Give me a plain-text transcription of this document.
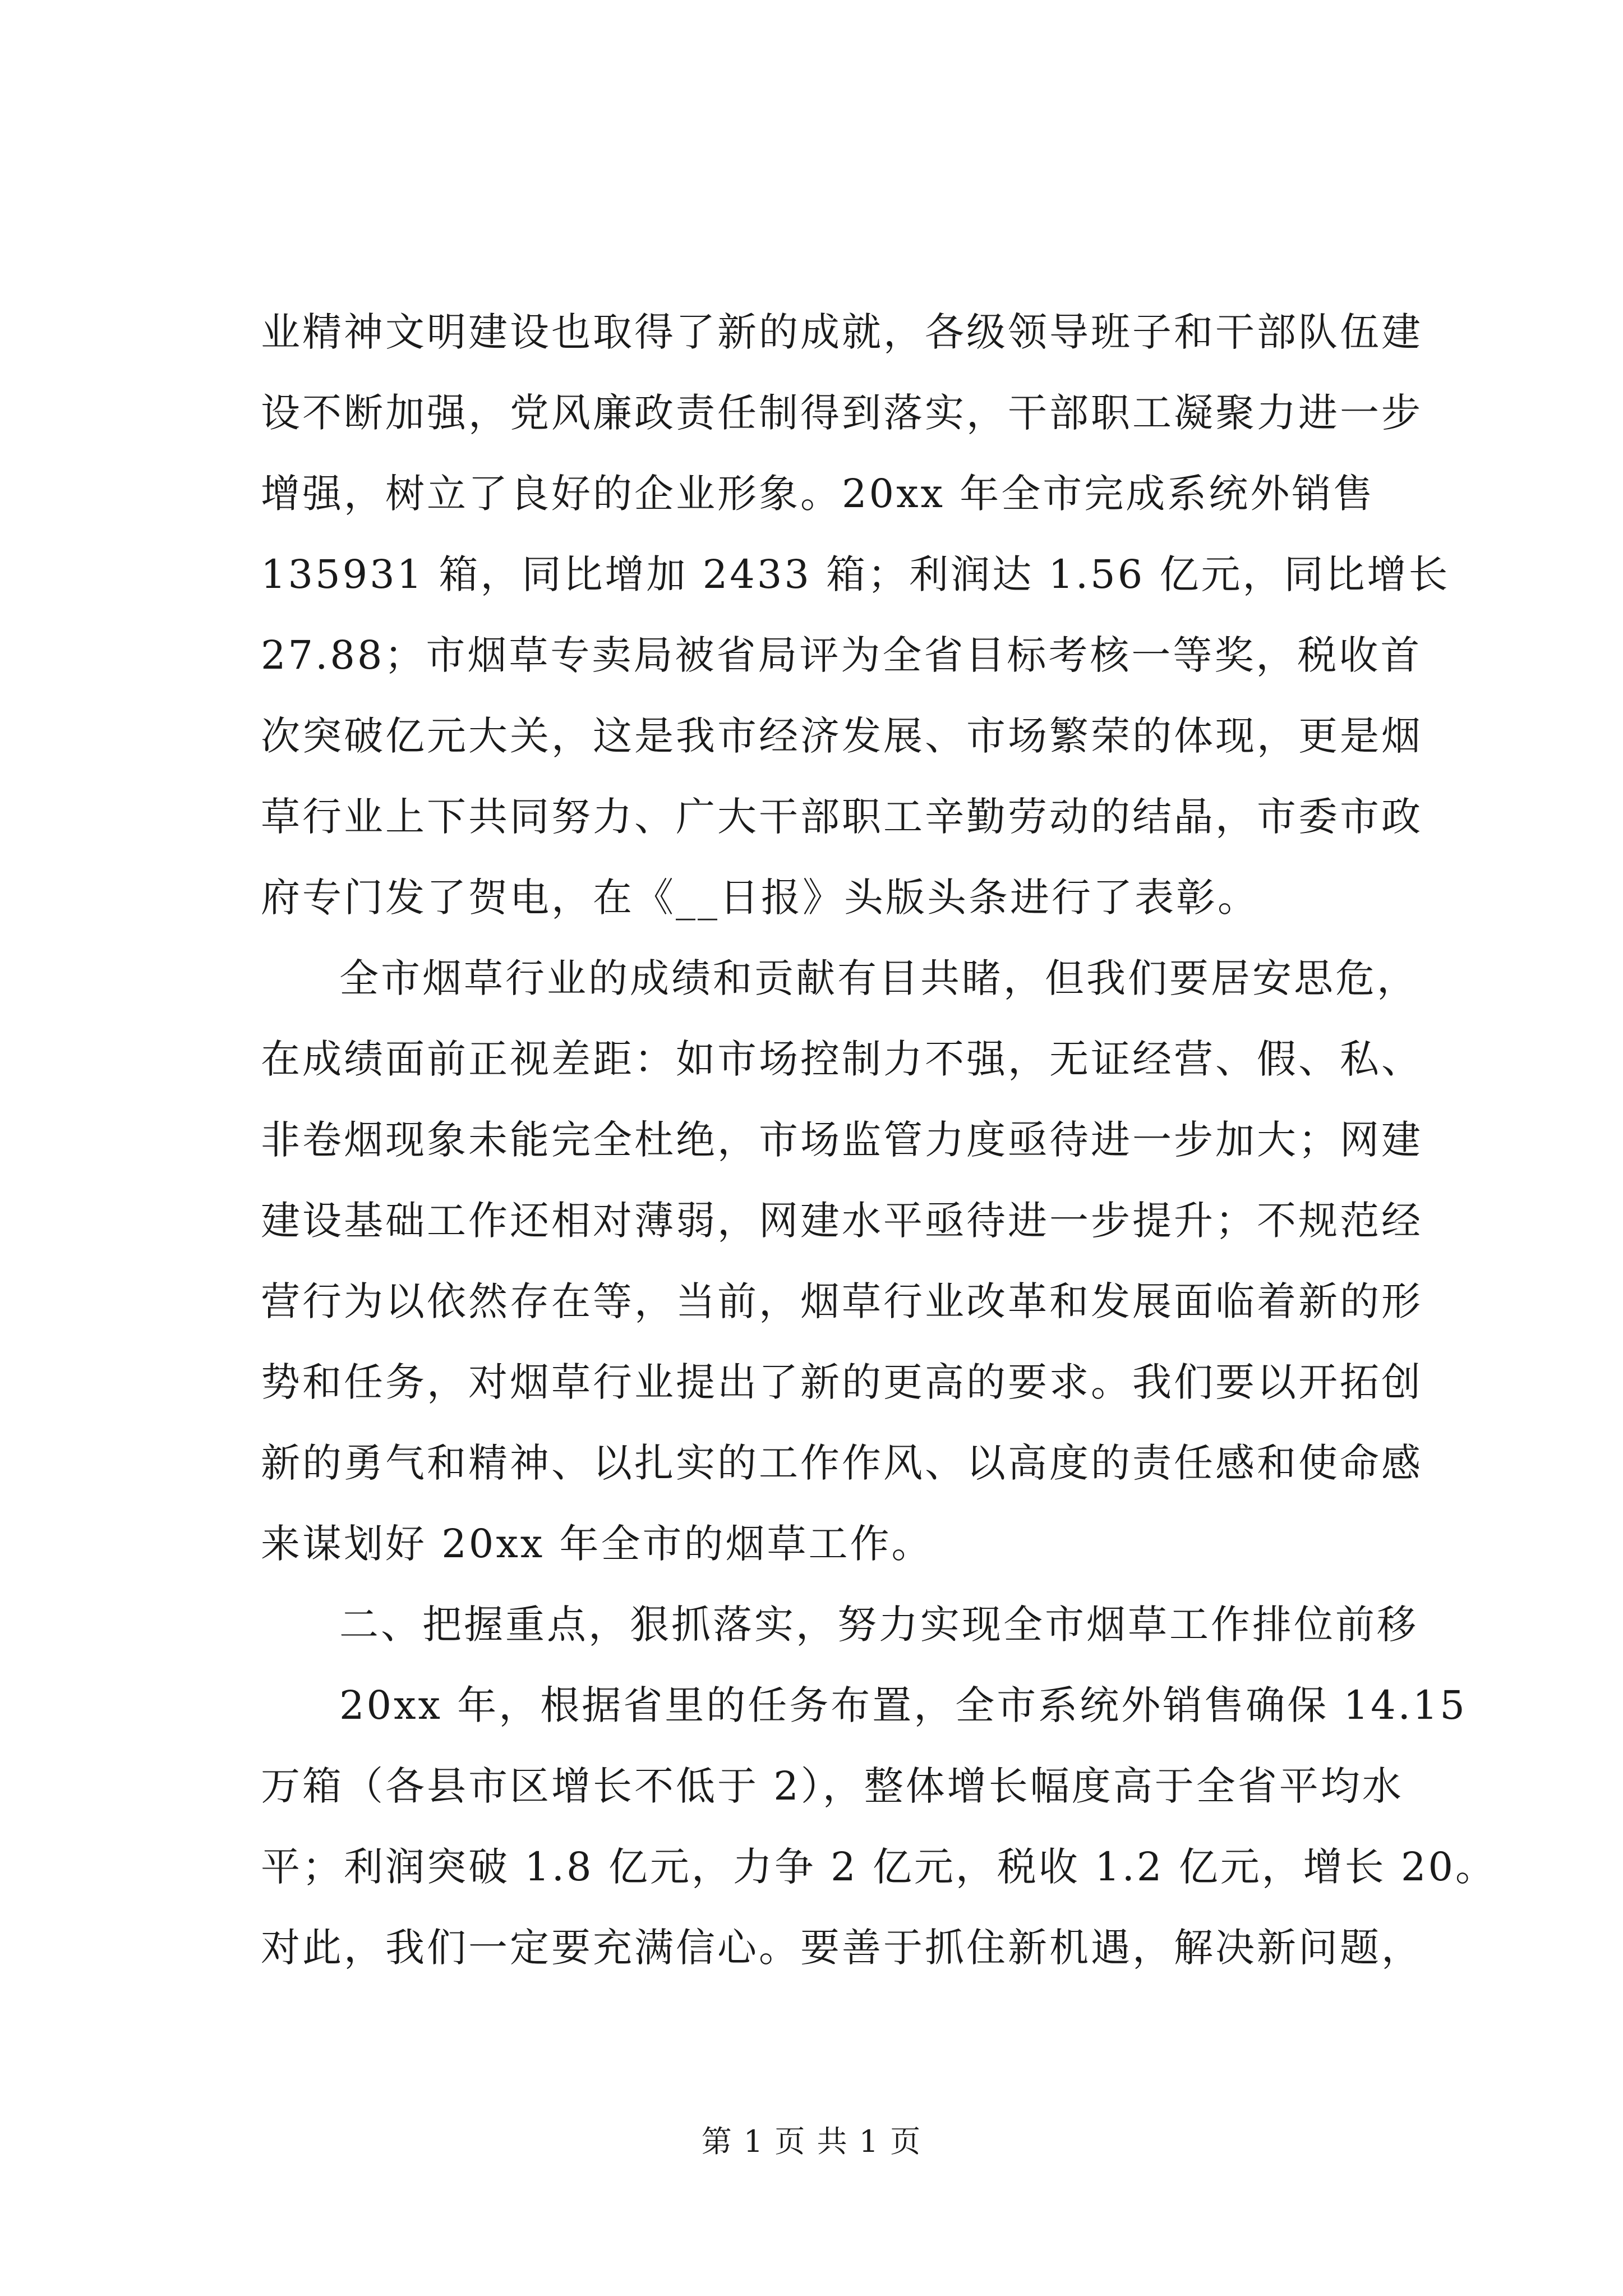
业精神文明建设也取得了新的成就，各级领导班子和干部队伍建
设不断加强，党风廉政责任制得到落实，干部职工凝聚力进一步
增强，树立了良好的企业形象。20xx 年全市完成系统外销售
135931 箱，同比增加 2433 箱；利润达 1.56 亿元，同比增长
27.88；市烟草专卖局被省局评为全省目标考核一等奖，税收首
次突破亿元大关，这是我市经济发展、市场繁荣的体现，更是烟
草行业上下共同努力、广大干部职工辛勤劳动的结晶，市委市政
府专门发了贺电，在《__日报》头版头条进行了表彰。
全市烟草行业的成绩和贡献有目共睹，但我们要居安思危，
在成绩面前正视差距：如市场控制力不强，无证经营、假、私、
非卷烟现象未能完全杜绝，市场监管力度亟待进一步加大；网建
建设基础工作还相对薄弱，网建水平亟待进一步提升；不规范经
营行为以依然存在等，当前，烟草行业改革和发展面临着新的形
势和任务，对烟草行业提出了新的更高的要求。我们要以开拓创
新的勇气和精神、以扎实的工作作风、以高度的责任感和使命感
来谋划好 20xx 年全市的烟草工作。
二、把握重点，狠抓落实，努力实现全市烟草工作排位前移
20xx 年，根据省里的任务布置，全市系统外销售确保 14.15
万箱（各县市区增长不低于 2），整体增长幅度高于全省平均水
平；利润突破 1.8 亿元，力争 2 亿元，税收 1.2 亿元，增长 20。
对此，我们一定要充满信心。要善于抓住新机遇，解决新问题，
第 1 页 共 1 页
